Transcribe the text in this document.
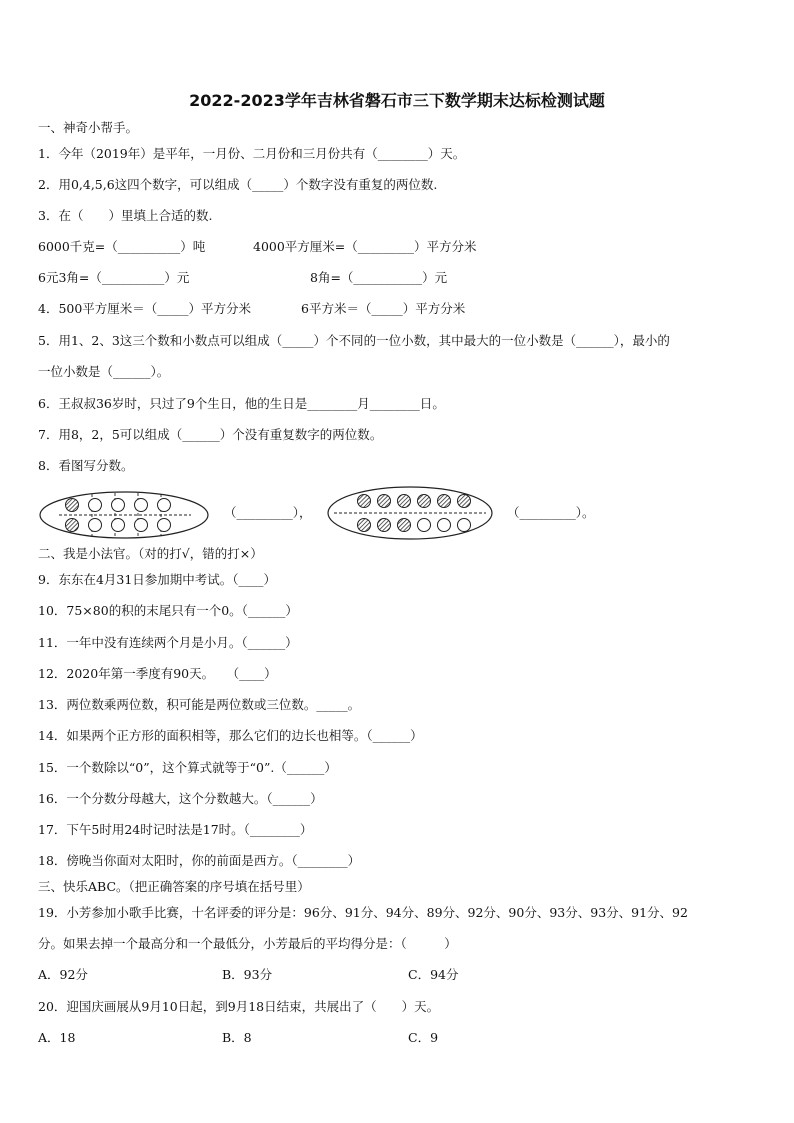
2022-2023学年吉林省磐石市三下数学期末达标检测试题
一、神奇小帮手。
1．今年（2019年）是平年，一月份、二月份和三月份共有（________）天。
2．用0,4,5,6这四个数字，可以组成（_____）个数字没有重复的两位数.
3．在（　　）里填上合适的数.
6000千克=（__________）吨	4000平方厘米=（_________）平方分米
6元3角=（__________）元	8角=（___________）元
4．500平方厘米＝（_____）平方分米	6平方米＝（_____）平方分米
5．用1、2、3这三个数和小数点可以组成（_____）个不同的一位小数，其中最大的一位小数是（______），最小的
一位小数是（______）。
6．王叔叔36岁时，只过了9个生日，他的生日是________月________日。
7．用8，2，5可以组成（______）个没有重复数字的两位数。
8．看图写分数。
（_________），	（_________）。
二、我是小法官。（对的打√，错的打×）
9．东东在4月31日参加期中考试。（____）
10．75×80的积的末尾只有一个0。（______）
11．一年中没有连续两个月是小月。（______）
12．2020年第一季度有90天。　　（____）
13．两位数乘两位数，积可能是两位数或三位数。_____。
14．如果两个正方形的面积相等，那么它们的边长也相等。（______）
15．一个数除以“0”，这个算式就等于“0”.（______）
16．一个分数分母越大，这个分数越大。（______）
17．下午5时用24时记时法是17时。（________）
18．傍晚当你面对太阳时，你的前面是西方。（________）
三、快乐ABC。（把正确答案的序号填在括号里）
19．小芳参加小歌手比赛，十名评委的评分是：96分、91分、94分、89分、92分、90分、93分、93分、91分、92
分。如果去掉一个最高分和一个最低分，小芳最后的平均得分是：（　　　）
A．92分	B．93分	C．94分
20．迎国庆画展从9月10日起，到9月18日结束，共展出了（　　）天。
A．18	B．8	C．9
